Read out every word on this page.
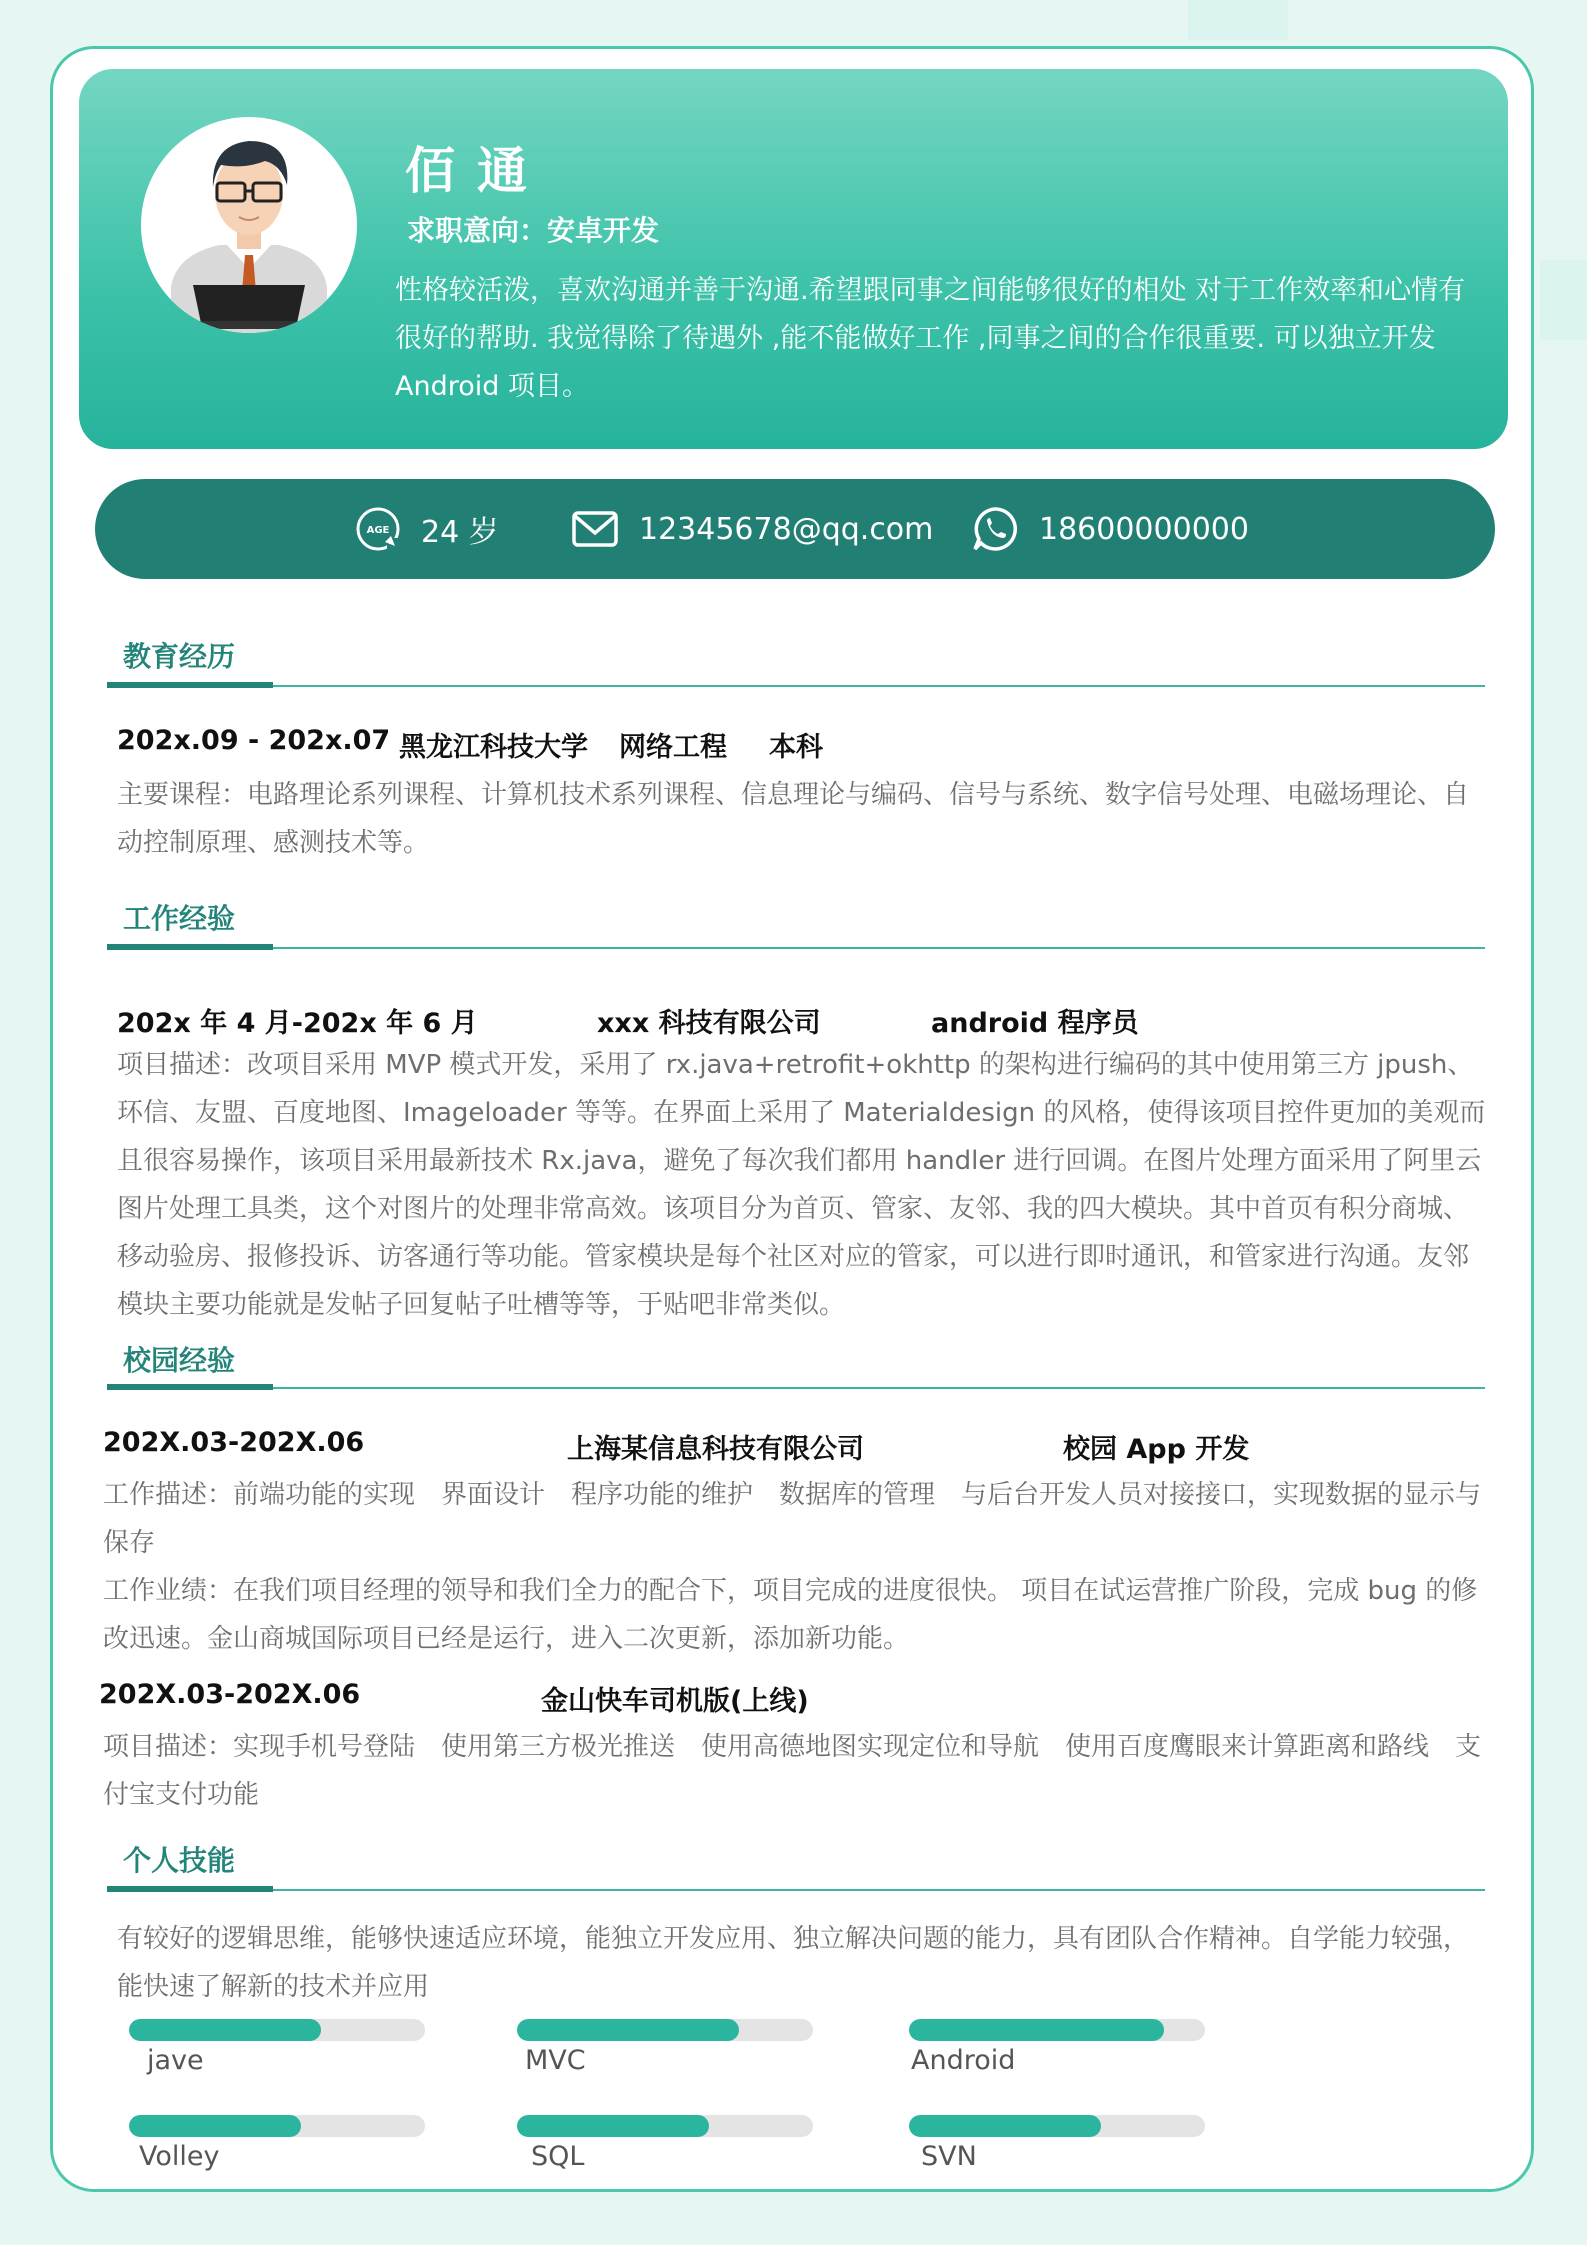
佰通
求职意向：安卓开发
性格较活泼，喜欢沟通并善于沟通.希望跟同事之间能够很好的相处 对于工作效率和心情有很好的帮助. 我觉得除了待遇外 ,能不能做好工作 ,同事之间的合作很重要. 可以独立开发 Android 项目。
AGE 24 岁	12345678@qq.com	18600000000
教育经历
202x.09 - 202x.07 黑龙江科技大学 网络工程 本科
主要课程：电路理论系列课程、计算机技术系列课程、信息理论与编码、信号与系统、数字信号处理、电磁场理论、自动控制原理、感测技术等。
工作经验
202x 年 4 月-202x 年 6 月	xxx 科技有限公司	android 程序员
项目描述：改项目采用 MVP 模式开发，采用了 rx.java+retrofit+okhttp 的架构进行编码的其中使用第三方 jpush、环信、友盟、百度地图、Imageloader 等等。在界面上采用了 Materialdesign 的风格，使得该项目控件更加的美观而且很容易操作，该项目采用最新技术 Rx.java，避免了每次我们都用 handler 进行回调。在图片处理方面采用了阿里云图片处理工具类，这个对图片的处理非常高效。该项目分为首页、管家、友邻、我的四大模块。其中首页有积分商城、移动验房、报修投诉、访客通行等功能。管家模块是每个社区对应的管家，可以进行即时通讯，和管家进行沟通。友邻模块主要功能就是发帖子回复帖子吐槽等等，于贴吧非常类似。
校园经验
202X.03-202X.06	上海某信息科技有限公司	校园 App 开发
工作描述：前端功能的实现　界面设计　程序功能的维护　数据库的管理　与后台开发人员对接接口，实现数据的显示与保存
工作业绩：在我们项目经理的领导和我们全力的配合下，项目完成的进度很快。 项目在试运营推广阶段，完成 bug 的修改迅速。金山商城国际项目已经是运行，进入二次更新，添加新功能。
202X.03-202X.06	金山快车司机版(上线)
项目描述：实现手机号登陆　使用第三方极光推送　使用高德地图实现定位和导航　使用百度鹰眼来计算距离和路线　支付宝支付功能
个人技能
有较好的逻辑思维，能够快速适应环境，能独立开发应用、独立解决问题的能力，具有团队合作精神。自学能力较强，能快速了解新的技术并应用
jave	MVC	Android
Volley	SQL	SVN
